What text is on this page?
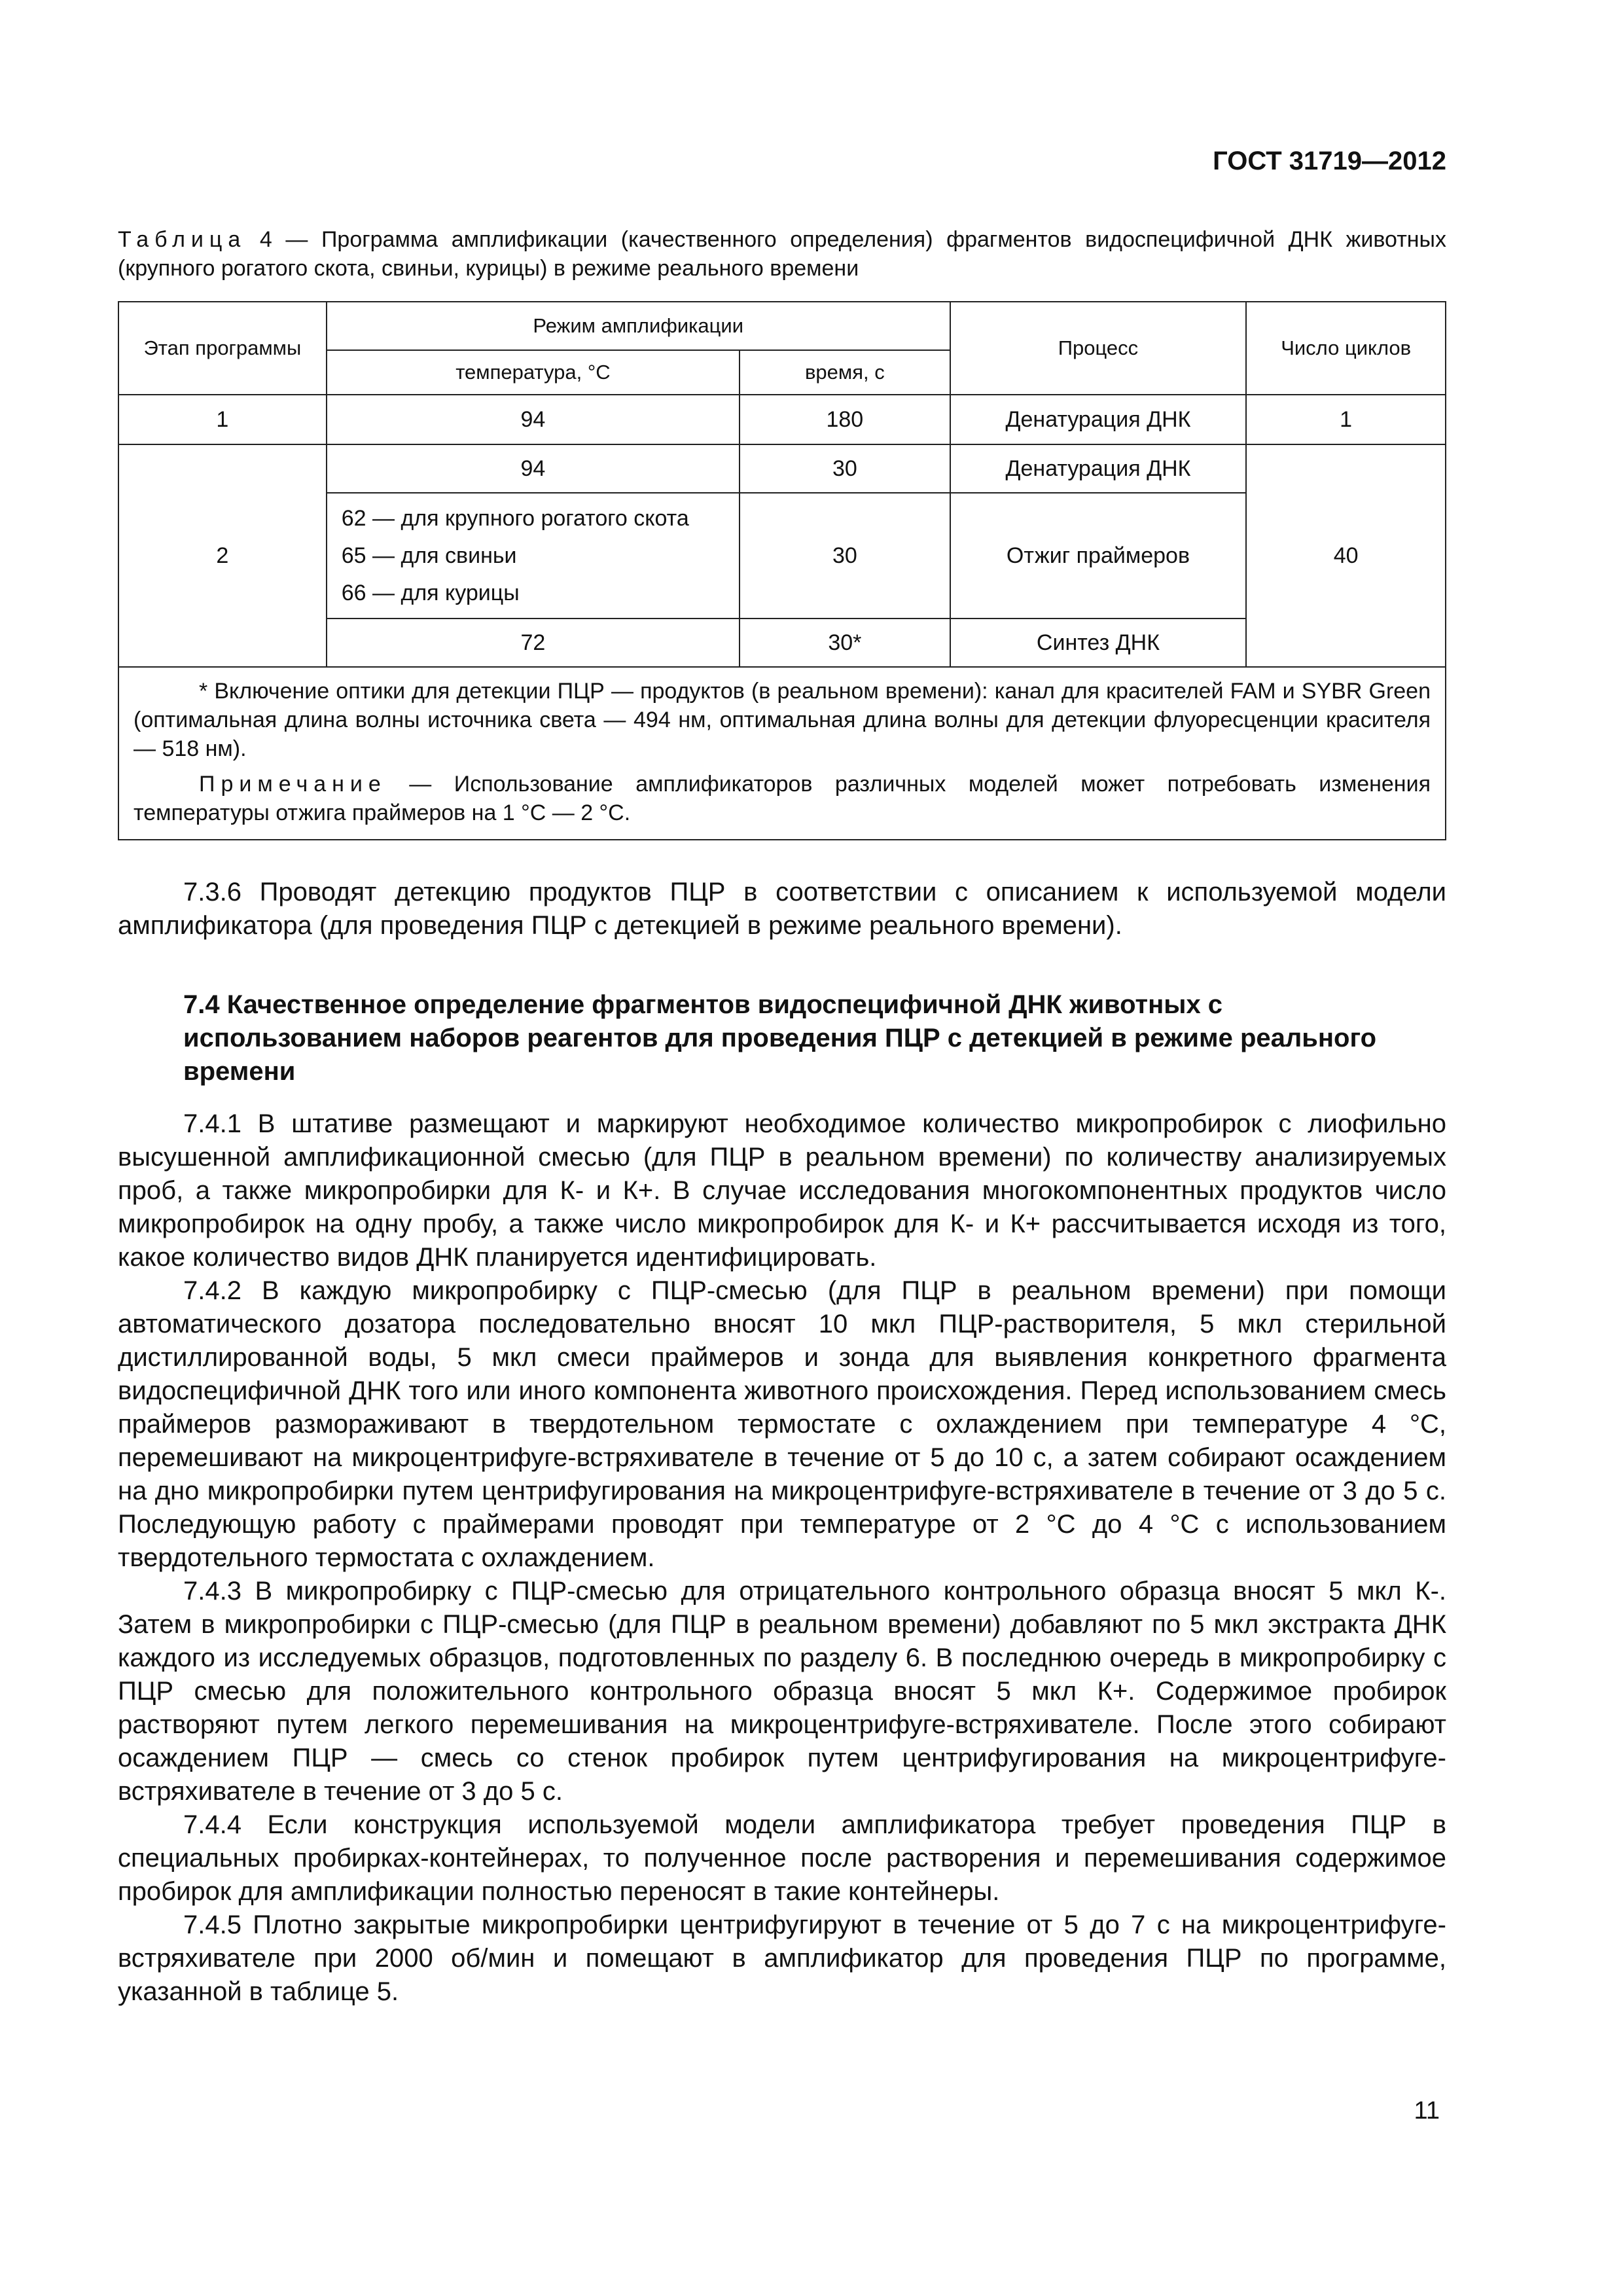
ГОСТ 31719—2012
Таблица 4 — Программа амплификации (качественного определения) фрагментов видоспецифичной ДНК животных (крупного рогатого скота, свиньи, курицы) в режиме реального времени
Этап программы	Режим амплификации		Процесс	Число циклов
	температура, °С	время, с		
1	94	180	Денатурация ДНК	1
2	94	30	Денатурация ДНК	40

	62 — для крупного рогатого скота
65 — для свиньи
66 — для курицы	30	Отжиг праймеров	
	72	30*	Синтез ДНК	

* Включение оптики для детекции ПЦР — продуктов (в реальном времени): канал для красителей FAM и SYBR Green (оптимальная длина волны источника света — 494 нм, оптимальная длина волны для детекции флуоресценции красителя — 518 нм).

Примечание — Использование амплификаторов различных моделей может потребовать изменения температуры отжига праймеров на 1 °С — 2 °С.				

7.3.6 Проводят детекцию продуктов ПЦР в соответствии с описанием к используемой модели амплификатора (для проведения ПЦР с детекцией в режиме реального времени).

7.4 Качественное определение фрагментов видоспецифичной ДНК животных с использованием наборов реагентов для проведения ПЦР с детекцией в режиме реального времени

7.4.1 В штативе размещают и маркируют необходимое количество микропробирок с лиофильно высушенной амплификационной смесью (для ПЦР в реальном времени) по количеству анализируемых проб, а также микропробирки для К- и К+. В случае исследования многокомпонентных продуктов число микропробирок на одну пробу, а также число микропробирок для К- и К+ рассчитывается исходя из того, какое количество видов ДНК планируется идентифицировать.

7.4.2 В каждую микропробирку с ПЦР-смесью (для ПЦР в реальном времени) при помощи автоматического дозатора последовательно вносят 10 мкл ПЦР-растворителя, 5 мкл стерильной дистиллированной воды, 5 мкл смеси праймеров и зонда для выявления конкретного фрагмента видоспецифичной ДНК того или иного компонента животного происхождения. Перед использованием смесь праймеров размораживают в твердотельном термостате с охлаждением при температуре 4 °С, перемешивают на микроцентрифуге-встряхивателе в течение от 5 до 10 с, а затем собирают осаждением на дно микропробирки путем центрифугирования на микроцентрифуге-встряхивателе в течение от 3 до 5 с. Последующую работу с праймерами проводят при температуре от 2 °С до 4 °С с использованием твердотельного термостата с охлаждением.

7.4.3 В микропробирку с ПЦР-смесью для отрицательного контрольного образца вносят 5 мкл К-. Затем в микропробирки с ПЦР-смесью (для ПЦР в реальном времени) добавляют по 5 мкл экстракта ДНК каждого из исследуемых образцов, подготовленных по разделу 6. В последнюю очередь в микропробирку с ПЦР смесью для положительного контрольного образца вносят 5 мкл К+. Содержимое пробирок растворяют путем легкого перемешивания на микроцентрифуге-встряхивателе. После этого собирают осаждением ПЦР — смесь со стенок пробирок путем центрифугирования на микроцентрифуге-встряхивателе в течение от 3 до 5 с.

7.4.4 Если конструкция используемой модели амплификатора требует проведения ПЦР в специальных пробирках-контейнерах, то полученное после растворения и перемешивания содержимое пробирок для амплификации полностью переносят в такие контейнеры.

7.4.5 Плотно закрытые микропробирки центрифугируют в течение от 5 до 7 с на микроцентрифуге-встряхивателе при 2000 об/мин и помещают в амплификатор для проведения ПЦР по программе, указанной в таблице 5.

11
